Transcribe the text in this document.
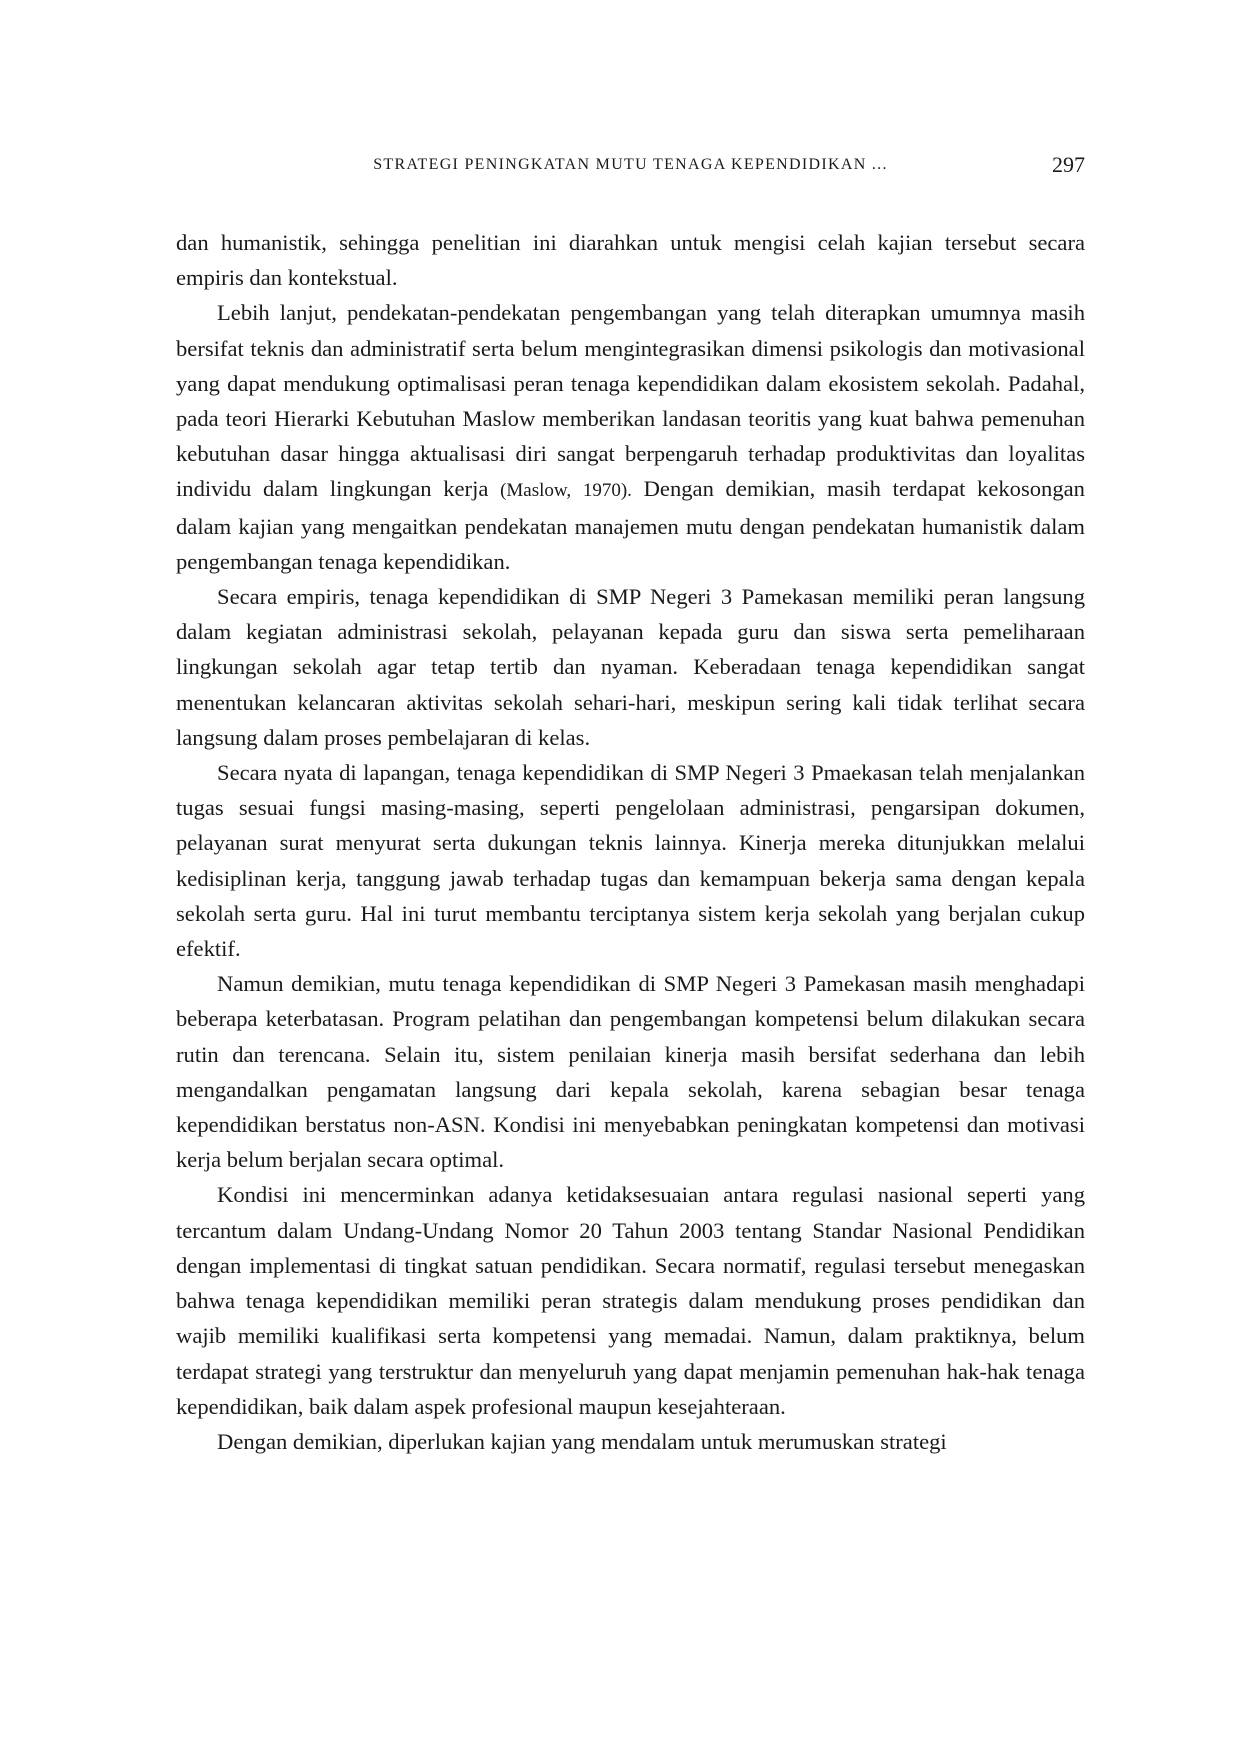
STRATEGI PENINGKATAN MUTU TENAGA KEPENDIDIKAN ...	297

dan humanistik, sehingga penelitian ini diarahkan untuk mengisi celah kajian tersebut secara empiris dan kontekstual.

Lebih lanjut, pendekatan-pendekatan pengembangan yang telah diterapkan umumnya masih bersifat teknis dan administratif serta belum mengintegrasikan dimensi psikologis dan motivasional yang dapat mendukung optimalisasi peran tenaga kependidikan dalam ekosistem sekolah. Padahal, pada teori Hierarki Kebutuhan Maslow memberikan landasan teoritis yang kuat bahwa pemenuhan kebutuhan dasar hingga aktualisasi diri sangat berpengaruh terhadap produktivitas dan loyalitas individu dalam lingkungan kerja (Maslow, 1970). Dengan demikian, masih terdapat kekosongan dalam kajian yang mengaitkan pendekatan manajemen mutu dengan pendekatan humanistik dalam pengembangan tenaga kependidikan.

Secara empiris, tenaga kependidikan di SMP Negeri 3 Pamekasan memiliki peran langsung dalam kegiatan administrasi sekolah, pelayanan kepada guru dan siswa serta pemeliharaan lingkungan sekolah agar tetap tertib dan nyaman. Keberadaan tenaga kependidikan sangat menentukan kelancaran aktivitas sekolah sehari-hari, meskipun sering kali tidak terlihat secara langsung dalam proses pembelajaran di kelas.

Secara nyata di lapangan, tenaga kependidikan di SMP Negeri 3 Pmaekasan telah menjalankan tugas sesuai fungsi masing-masing, seperti pengelolaan administrasi, pengarsipan dokumen, pelayanan surat menyurat serta dukungan teknis lainnya. Kinerja mereka ditunjukkan melalui kedisiplinan kerja, tanggung jawab terhadap tugas dan kemampuan bekerja sama dengan kepala sekolah serta guru. Hal ini turut membantu terciptanya sistem kerja sekolah yang berjalan cukup efektif.

Namun demikian, mutu tenaga kependidikan di SMP Negeri 3 Pamekasan masih menghadapi beberapa keterbatasan. Program pelatihan dan pengembangan kompetensi belum dilakukan secara rutin dan terencana. Selain itu, sistem penilaian kinerja masih bersifat sederhana dan lebih mengandalkan pengamatan langsung dari kepala sekolah, karena sebagian besar tenaga kependidikan berstatus non-ASN. Kondisi ini menyebabkan peningkatan kompetensi dan motivasi kerja belum berjalan secara optimal.

Kondisi ini mencerminkan adanya ketidaksesuaian antara regulasi nasional seperti yang tercantum dalam Undang-Undang Nomor 20 Tahun 2003 tentang Standar Nasional Pendidikan dengan implementasi di tingkat satuan pendidikan. Secara normatif, regulasi tersebut menegaskan bahwa tenaga kependidikan memiliki peran strategis dalam mendukung proses pendidikan dan wajib memiliki kualifikasi serta kompetensi yang memadai. Namun, dalam praktiknya, belum terdapat strategi yang terstruktur dan menyeluruh yang dapat menjamin pemenuhan hak-hak tenaga kependidikan, baik dalam aspek profesional maupun kesejahteraan.

Dengan demikian, diperlukan kajian yang mendalam untuk merumuskan strategi
